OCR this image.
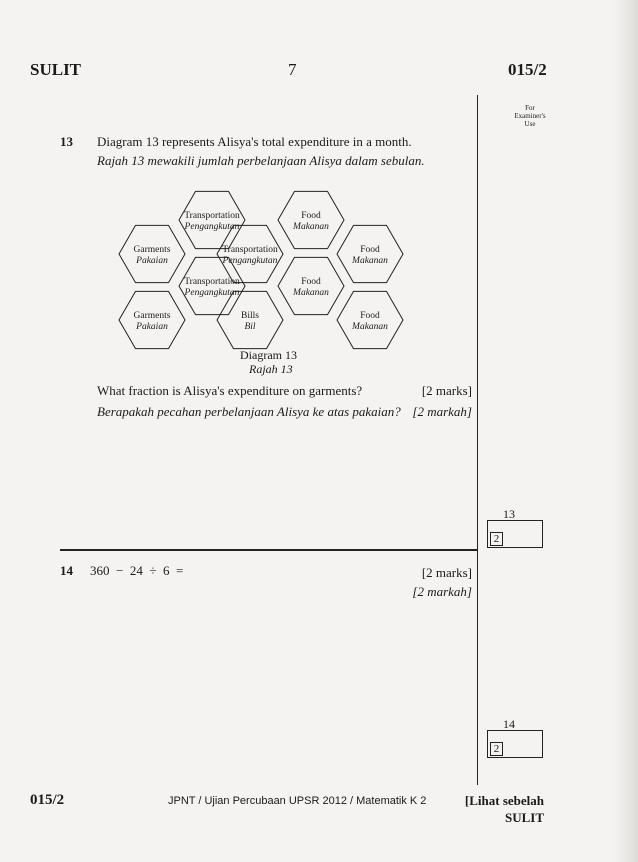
SULIT	7	015/2
For
Examiner's
Use
13 Diagram 13 represents Alisya's total expenditure in a month.
Rajah 13 mewakili jumlah perbelanjaan Alisya dalam sebulan.
Transportation
Pengangkutan
Food
Makanan
Garments
Pakaian
Transportation
Pengangkutan
Food
Makanan
Transportation
Pengangkutan
Food
Makanan
Garments
Pakaian
Bills
Bil
Food
Makanan
Diagram 13
Rajah 13
What fraction is Alisya's expenditure on garments?
Berapakah pecahan perbelanjaan Alisya ke atas pakaian?
[2 marks]
[2 markah]
13
2
14 360  −  24  ÷  6  =	[2 marks]
[2 markah]
14
2
015/2	JPNT / Ujian Percubaan UPSR 2012 / Matematik K 2	[Lihat sebelah
SULIT
